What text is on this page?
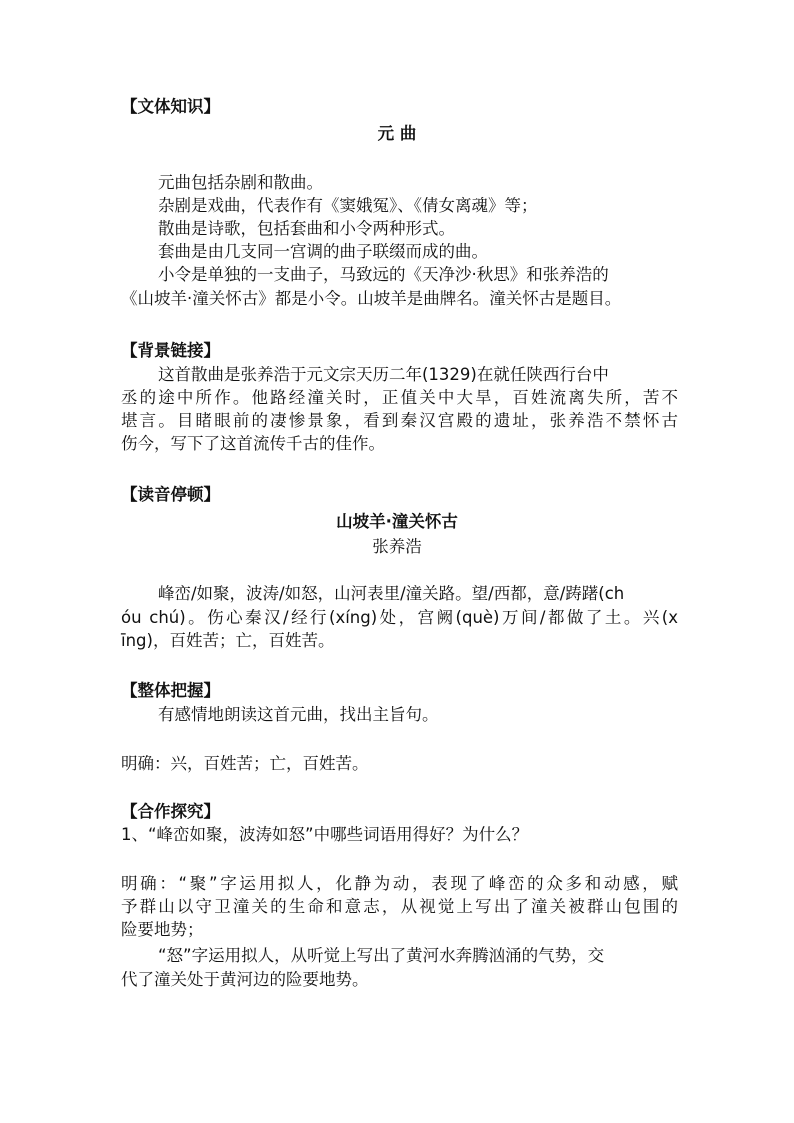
【文体知识】
元 曲
元曲包括杂剧和散曲。
杂剧是戏曲，代表作有《窦娥冤》、《倩女离魂》等；
散曲是诗歌，包括套曲和小令两种形式。
套曲是由几支同一宫调的曲子联缀而成的曲。
小令是单独的一支曲子，马致远的《天净沙·秋思》和张养浩的
《山坡羊·潼关怀古》都是小令。山坡羊是曲牌名。潼关怀古是题目。
【背景链接】
这首散曲是张养浩于元文宗天历二年(1329)在就任陕西行台中
丞的途中所作。他路经潼关时，正值关中大旱，百姓流离失所，苦不
堪言。目睹眼前的凄惨景象，看到秦汉宫殿的遗址，张养浩不禁怀古
伤今，写下了这首流传千古的佳作。
【读音停顿】
山坡羊·潼关怀古
张养浩
峰峦/如聚，波涛/如怒，山河表里/潼关路。望/西都，意/踌躇(ch
óu chú)。伤心秦汉/经行(xíng)处，宫阙(què)万间/都做了土。兴(x
īng)，百姓苦；亡，百姓苦。
【整体把握】
有感情地朗读这首元曲，找出主旨句。
明确：兴，百姓苦；亡，百姓苦。
【合作探究】
1、“峰峦如聚，波涛如怒”中哪些词语用得好？为什么？
明确：“聚”字运用拟人，化静为动，表现了峰峦的众多和动感，赋
予群山以守卫潼关的生命和意志，从视觉上写出了潼关被群山包围的
险要地势；
“怒”字运用拟人，从听觉上写出了黄河水奔腾汹涌的气势，交
代了潼关处于黄河边的险要地势。
